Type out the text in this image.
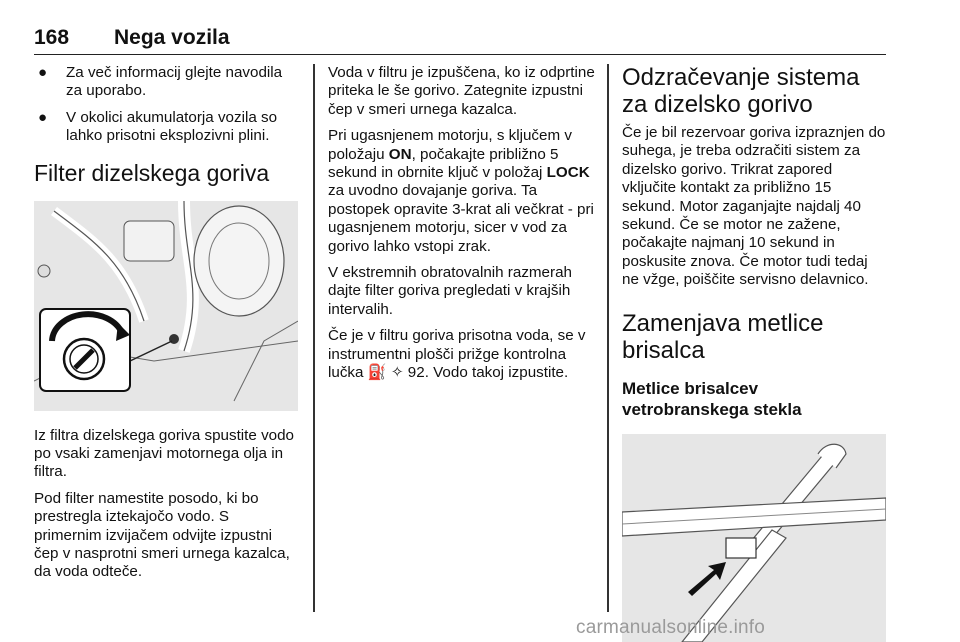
168 Nega vozila
● Za več informacij glejte navodila za uporabo.
● V okolici akumulatorja vozila so lahko prisotni eksplozivni plini.
Filter dizelskega goriva

Iz filtra dizelskega goriva spustite vodo po vsaki zamenjavi motornega olja in filtra.

Pod filter namestite posodo, ki bo prestregla iztekajočo vodo. S primernim izvijačem odvijte izpustni čep v nasprotni smeri urnega kazalca, da voda odteče.

Voda v filtru je izpuščena, ko iz odprtine priteka le še gorivo. Zategnite izpustni čep v smeri urnega kazalca.

Pri ugasnjenem motorju, s ključem v položaju ON, počakajte približno 5 sekund in obrnite ključ v položaj LOCK za uvodno dovajanje goriva. Ta postopek opravite 3-krat ali večkrat - pri ugasnjenem motorju, sicer v vod za gorivo lahko vstopi zrak.

V ekstremnih obratovalnih razmerah dajte filter goriva pregledati v krajših intervalih.

Če je v filtru goriva prisotna voda, se v instrumentni plošči prižge kontrolna lučka ⛽ ✧ 92. Vodo takoj izpustite.

Odzračevanje sistema za dizelsko gorivo

Če je bil rezervoar goriva izpraznjen do suhega, je treba odzračiti sistem za dizelsko gorivo. Trikrat zapored vključite kontakt za približno 15 sekund. Motor zaganjajte najdalj 40 sekund. Če se motor ne zažene, počakajte najmanj 10 sekund in poskusite znova. Če motor tudi tedaj ne vžge, poiščite servisno delavnico.

Zamenjava metlice brisalca
Metlice brisalcev vetrobranskega stekla
carmanualsonline.info
